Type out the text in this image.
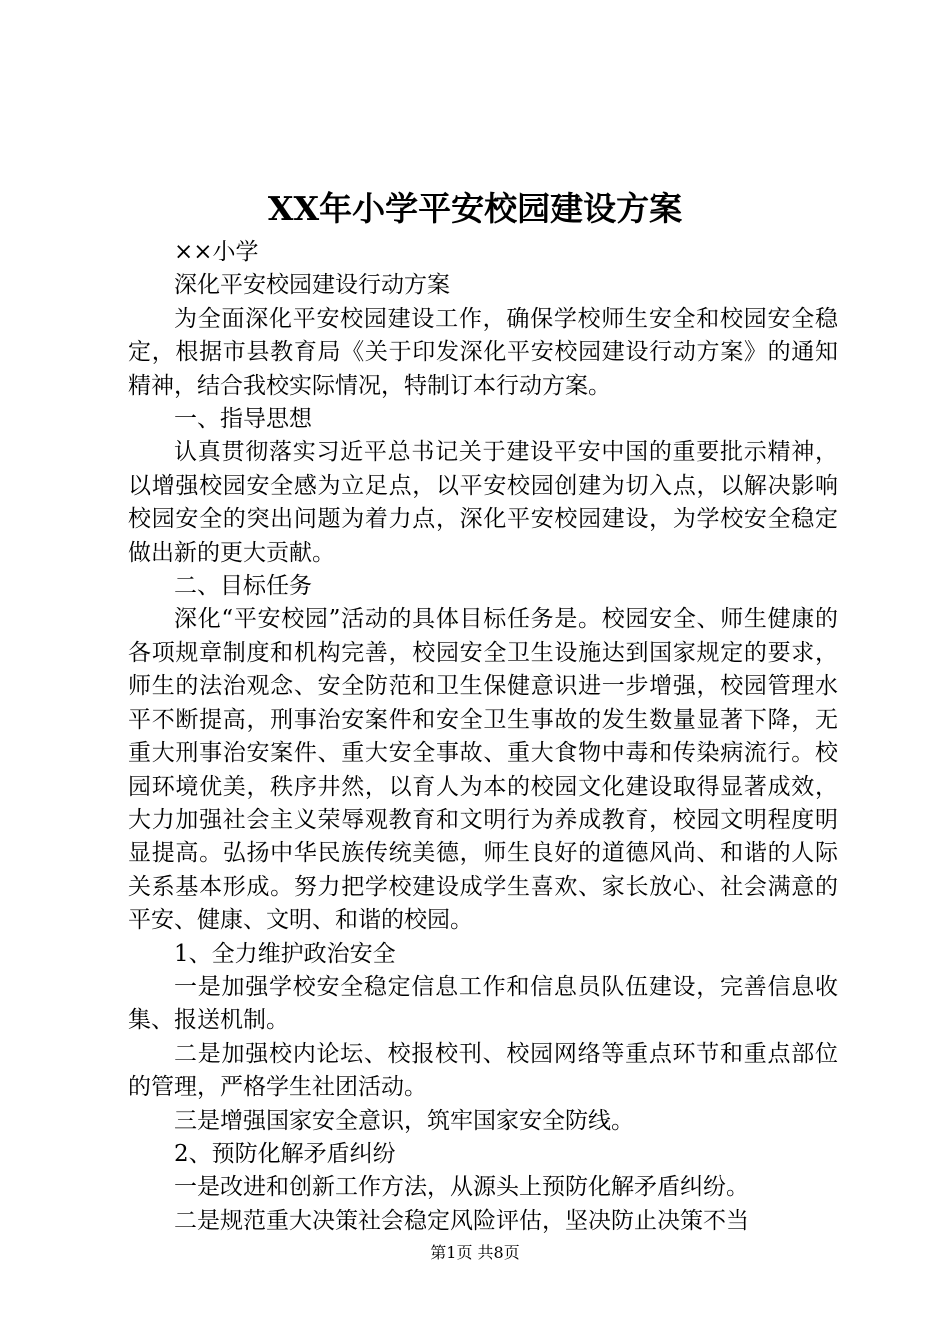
XX年小学平安校园建设方案

××小学

深化平安校园建设行动方案

为全面深化平安校园建设工作，确保学校师生安全和校园安全稳定，根据市县教育局《关于印发深化平安校园建设行动方案》的通知精神，结合我校实际情况，特制订本行动方案。

一、指导思想

认真贯彻落实习近平总书记关于建设平安中国的重要批示精神，以增强校园安全感为立足点，以平安校园创建为切入点，以解决影响校园安全的突出问题为着力点，深化平安校园建设，为学校安全稳定做出新的更大贡献。

二、目标任务

深化“平安校园”活动的具体目标任务是。校园安全、师生健康的各项规章制度和机构完善，校园安全卫生设施达到国家规定的要求，师生的法治观念、安全防范和卫生保健意识进一步增强，校园管理水平不断提高，刑事治安案件和安全卫生事故的发生数量显著下降，无重大刑事治安案件、重大安全事故、重大食物中毒和传染病流行。校园环境优美，秩序井然，以育人为本的校园文化建设取得显著成效，大力加强社会主义荣辱观教育和文明行为养成教育，校园文明程度明显提高。弘扬中华民族传统美德，师生良好的道德风尚、和谐的人际关系基本形成。努力把学校建设成学生喜欢、家长放心、社会满意的平安、健康、文明、和谐的校园。

1、全力维护政治安全

一是加强学校安全稳定信息工作和信息员队伍建设，完善信息收集、报送机制。

二是加强校内论坛、校报校刊、校园网络等重点环节和重点部位的管理，严格学生社团活动。

三是增强国家安全意识，筑牢国家安全防线。

2、预防化解矛盾纠纷

一是改进和创新工作方法，从源头上预防化解矛盾纠纷。

二是规范重大决策社会稳定风险评估，坚决防止决策不当

第1页 共8页
